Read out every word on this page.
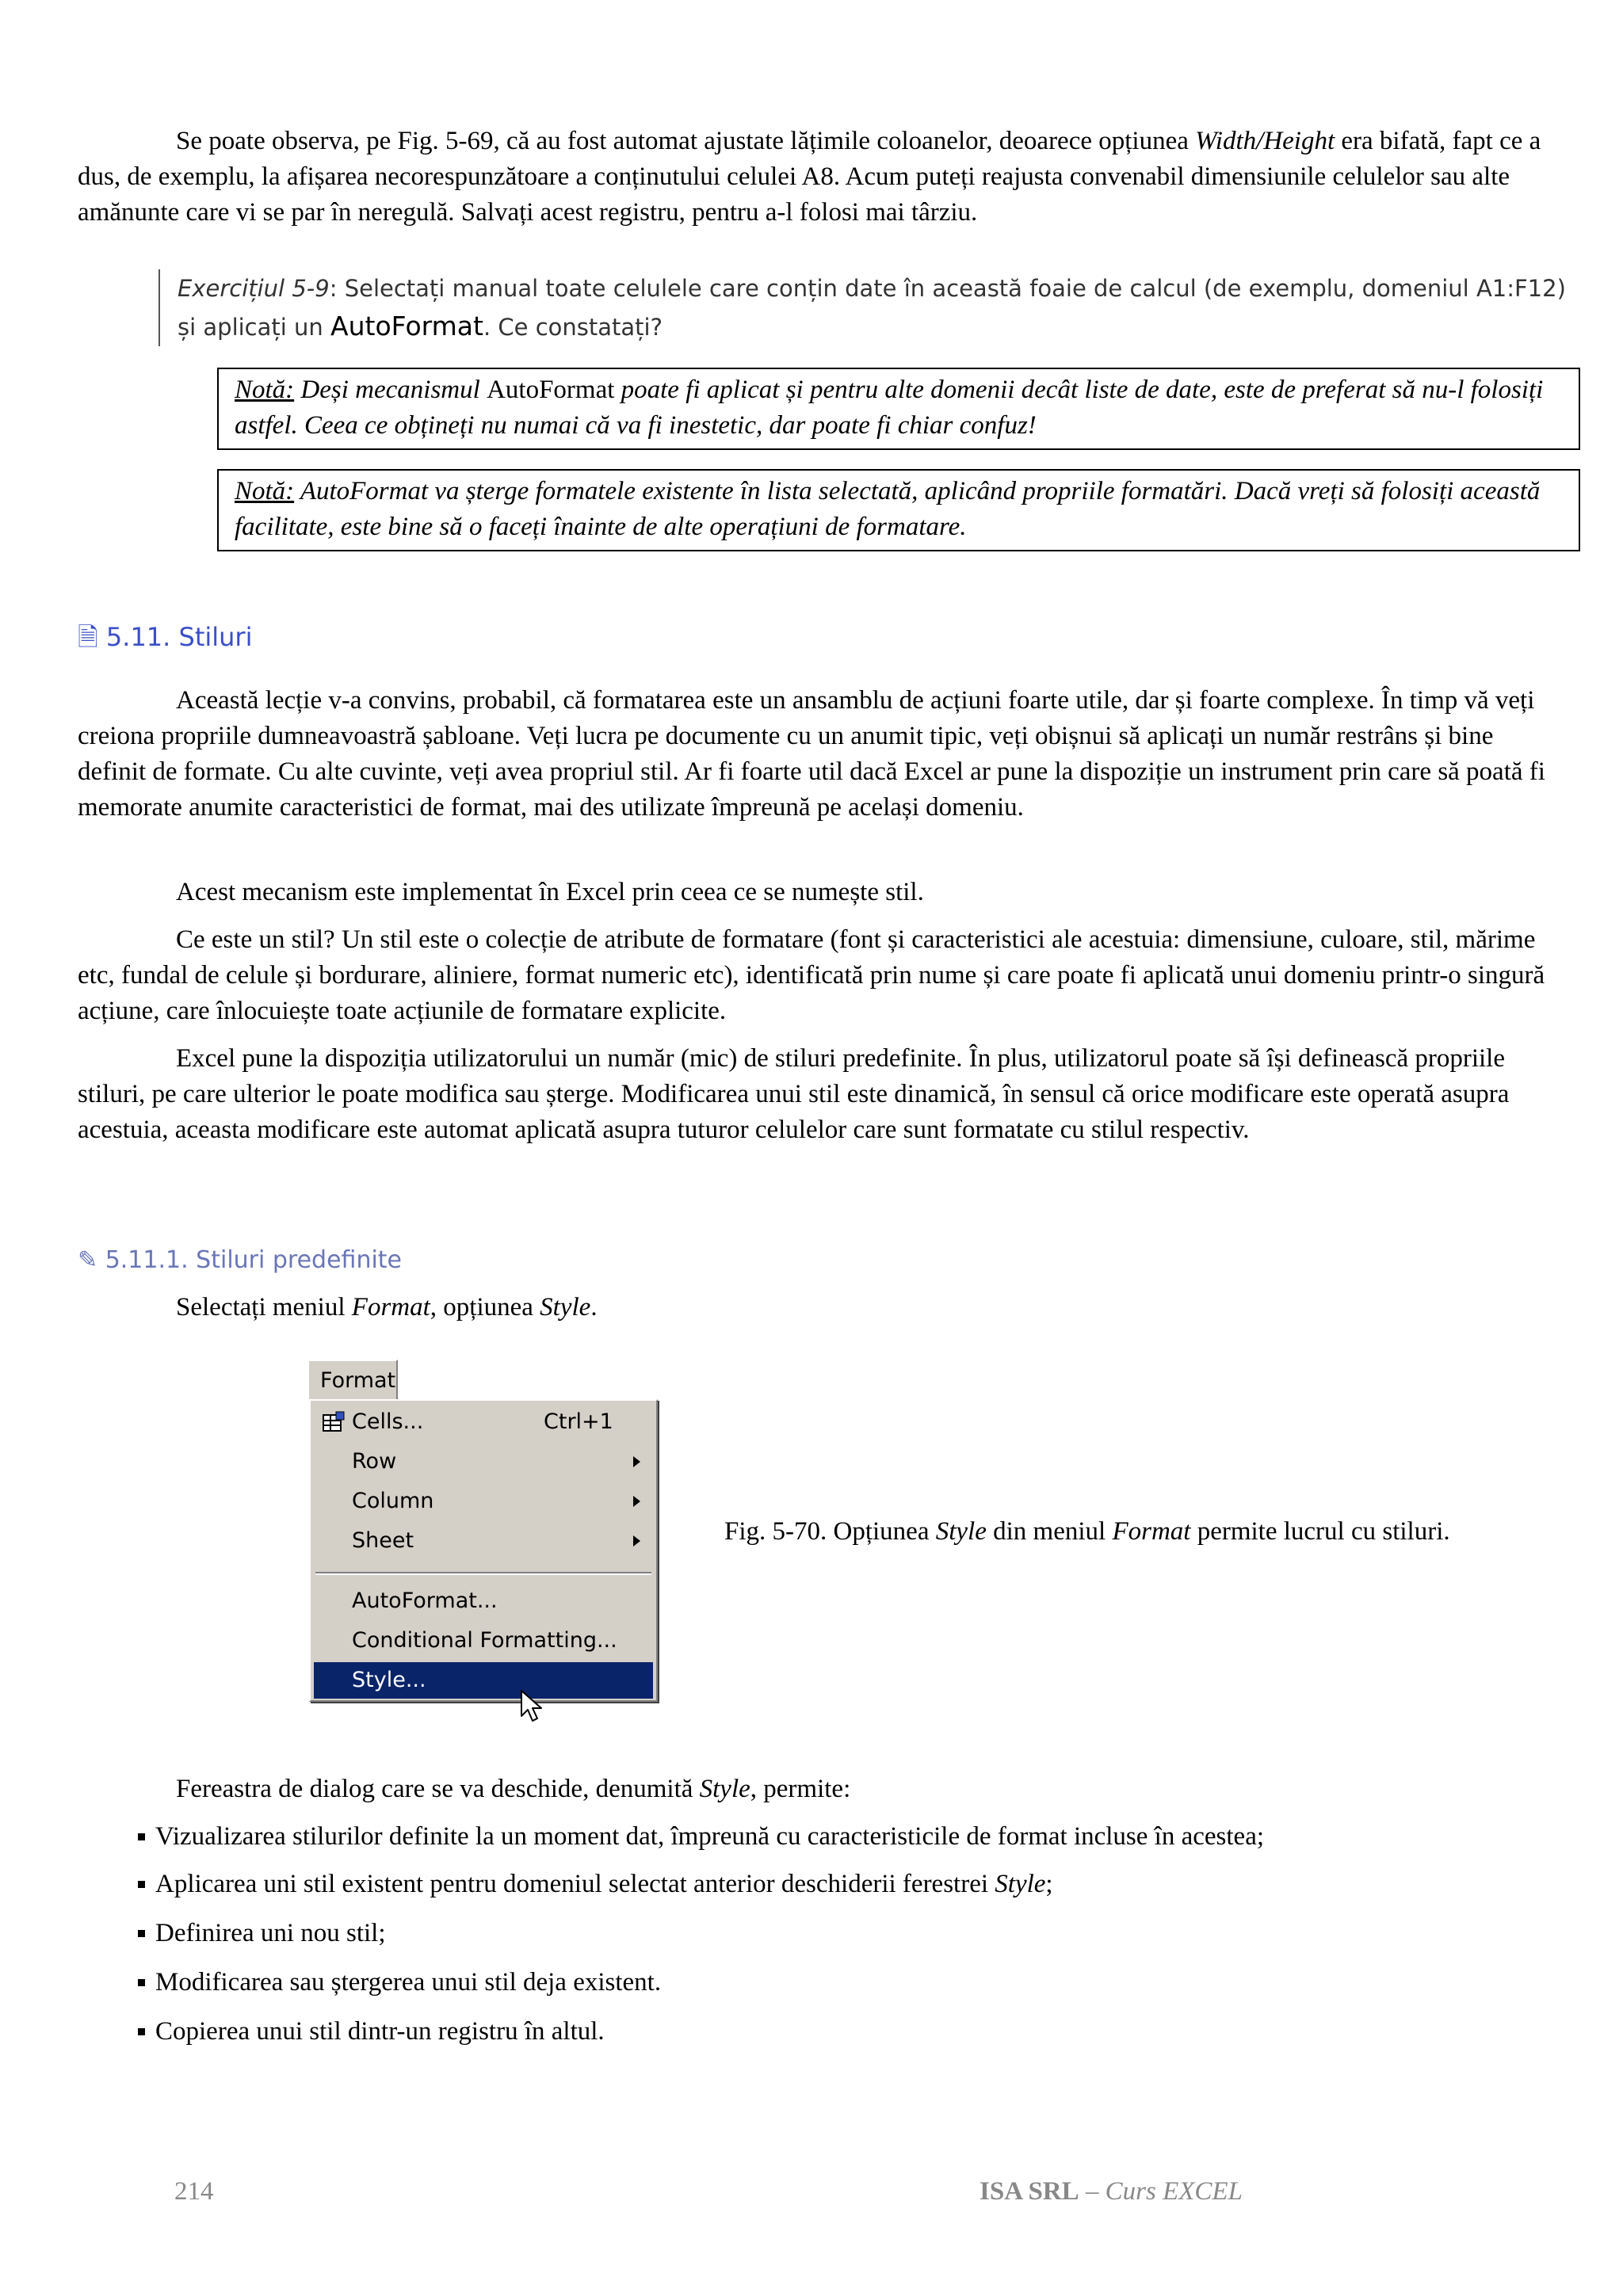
Se poate observa, pe Fig. 5-69, că au fost automat ajustate lățimile coloanelor, deoarece opțiunea Width/Height era bifată, fapt ce a dus, de exemplu, la afișarea necorespunzătoare a conținutului celulei A8. Acum puteți reajusta convenabil dimensiunile celulelor sau alte amănunte care vi se par în neregulă. Salvați acest registru, pentru a-l folosi mai târziu.

Exercițiul 5-9: Selectați manual toate celulele care conțin date în această foaie de calcul (de exemplu, domeniul A1:F12) și aplicați un AutoFormat. Ce constatați?
Notă: Deși mecanismul AutoFormat poate fi aplicat și pentru alte domenii decât liste de date, este de preferat să nu-l folosiți astfel. Ceea ce obțineți nu numai că va fi inestetic, dar poate fi chiar confuz!
Notă: AutoFormat va șterge formatele existente în lista selectată, aplicând propriile formatări. Dacă vreți să folosiți această facilitate, este bine să o faceți înainte de alte operațiuni de formatare.
🗎 5.11. Stiluri

Această lecție v-a convins, probabil, că formatarea este un ansamblu de acțiuni foarte utile, dar și foarte complexe. În timp vă veți creiona propriile dumneavoastră șabloane. Veți lucra pe documente cu un anumit tipic, veți obișnui să aplicați un număr restrâns și bine definit de formate. Cu alte cuvinte, veți avea propriul stil. Ar fi foarte util dacă Excel ar pune la dispoziție un instrument prin care să poată fi memorate anumite caracteristici de format, mai des utilizate împreună pe același domeniu.

Acest mecanism este implementat în Excel prin ceea ce se numește stil.

Ce este un stil? Un stil este o colecție de atribute de formatare (font și caracteristici ale acestuia: dimensiune, culoare, stil, mărime etc, fundal de celule și bordurare, aliniere, format numeric etc), identificată prin nume și care poate fi aplicată unui domeniu printr-o singură acțiune, care înlocuiește toate acțiunile de formatare explicite.

Excel pune la dispoziția utilizatorului un număr (mic) de stiluri predefinite. În plus, utilizatorul poate să își definească propriile stiluri, pe care ulterior le poate modifica sau șterge. Modificarea unui stil este dinamică, în sensul că orice modificare este operată asupra acestuia, aceasta modificare este automat aplicată asupra tuturor celulelor care sunt formatate cu stilul respectiv.

✎ 5.11.1. Stiluri predefinite

Selectați meniul Format, opțiunea Style.

Format
Cells...	Ctrl+1
Row
Column
Sheet
AutoFormat...
Conditional Formatting...
Style...

Fig. 5-70. Opțiunea Style din meniul Format permite lucrul cu stiluri.

Fereastra de dialog care se va deschide, denumită Style, permite:

Vizualizarea stilurilor definite la un moment dat, împreună cu caracteristicile de format incluse în acestea;
Aplicarea uni stil existent pentru domeniul selectat anterior deschiderii ferestrei Style;
Definirea uni nou stil;
Modificarea sau ștergerea unui stil deja existent.
Copierea unui stil dintr-un registru în altul.
214	ISA SRL – Curs EXCEL
